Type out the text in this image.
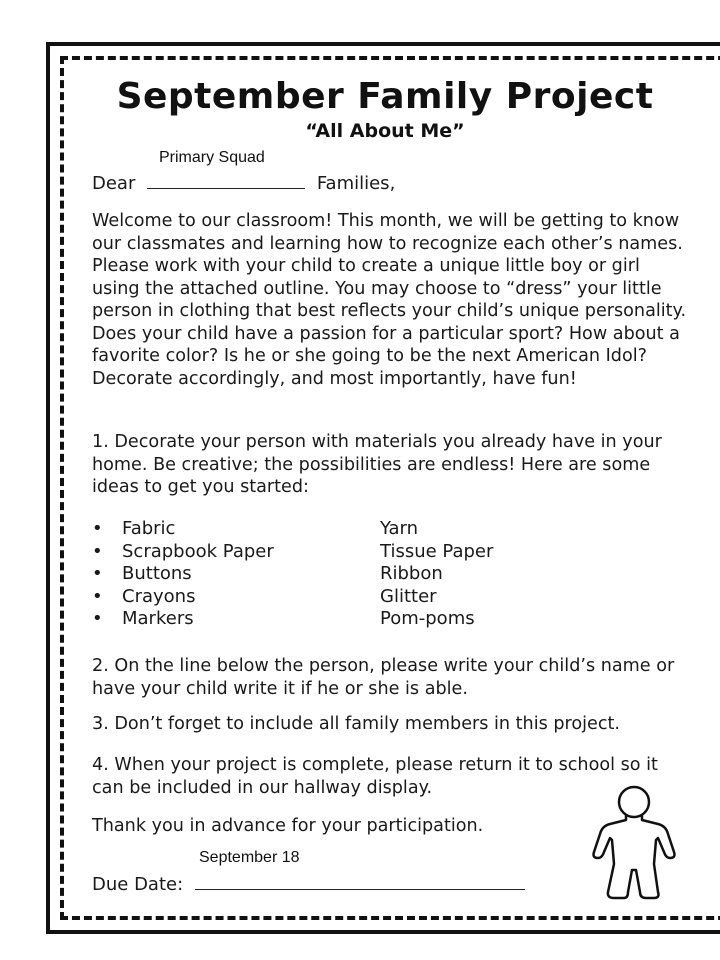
September Family Project
“All About Me”
Primary Squad
Dear	Families,
Welcome to our classroom! This month, we will be getting to know our classmates and learning how to recognize each other’s names. Please work with your child to create a unique little boy or girl using the attached outline. You may choose to “dress” your little person in clothing that best reflects your child’s unique personality. Does your child have a passion for a particular sport? How about a favorite color? Is he or she going to be the next American Idol? Decorate accordingly, and most importantly, have fun!
1. Decorate your person with materials you already have in your home. Be creative; the possibilities are endless! Here are some ideas to get you started:
• Fabric
• Scrapbook Paper
• Buttons
• Crayons
• Markers
Yarn
Tissue Paper
Ribbon
Glitter
Pom-poms
2. On the line below the person, please write your child’s name or have your child write it if he or she is able.
3. Don’t forget to include all family members in this project.
4. When your project is complete, please return it to school so it can be included in our hallway display.
Thank you in advance for your participation.
September 18
Due Date:
